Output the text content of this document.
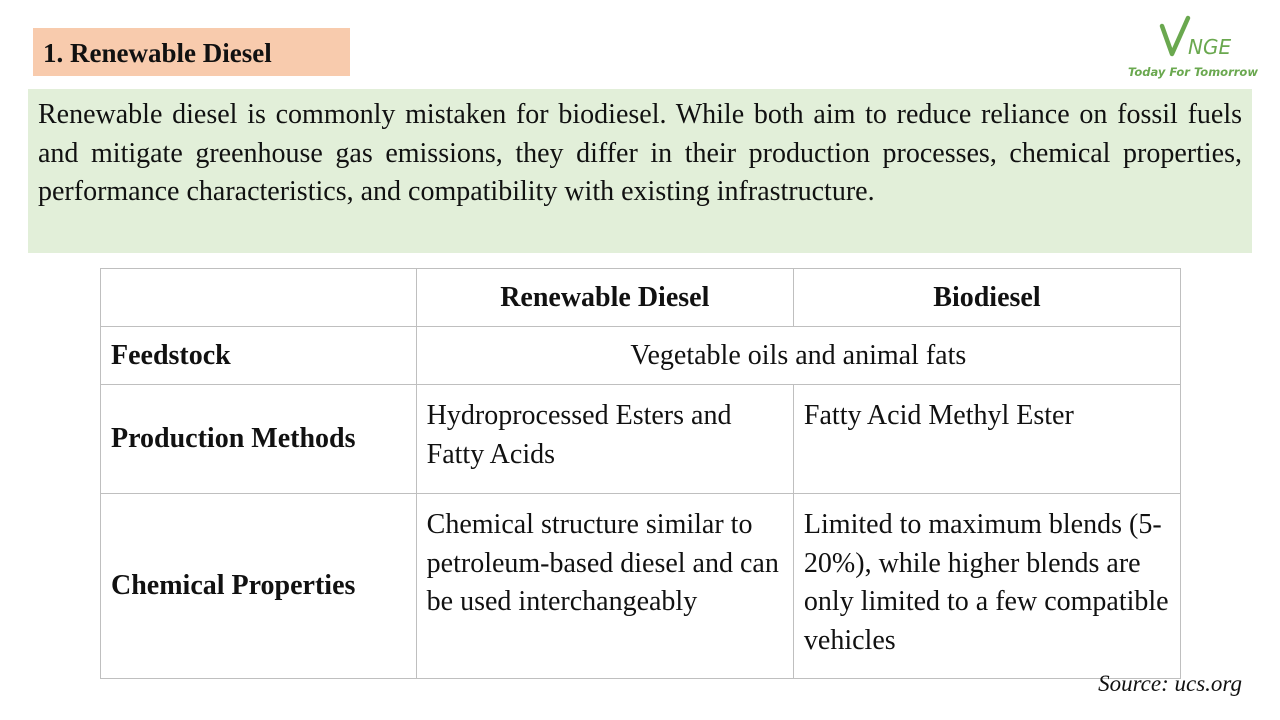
1. Renewable Diesel	NGE
Today For Tomorrow
Renewable diesel is commonly mistaken for biodiesel. While both aim to reduce reliance on fossil fuels and mitigate greenhouse gas emissions, they differ in their production processes, chemical properties, performance characteristics, and compatibility with existing infrastructure.
	Renewable Diesel	Biodiesel
Feedstock	Vegetable oils and animal fats	
Production Methods	Hydroprocessed Esters and Fatty Acids	Fatty Acid Methyl Ester
Chemical Properties	Chemical structure similar to petroleum-based diesel and can be used interchangeably	Limited to maximum blends (5-20%), while higher blends are only limited to a few compatible vehicles
Source: ucs.org
